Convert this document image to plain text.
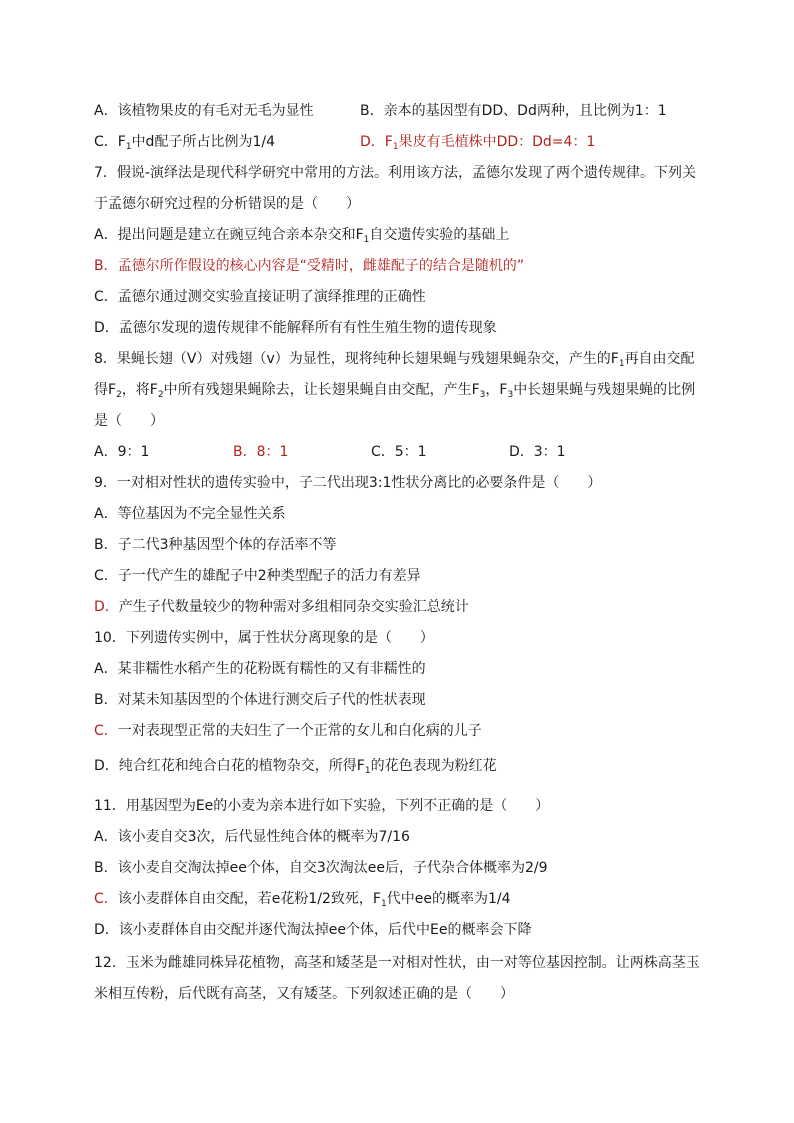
A．该植物果皮的有毛对无毛为显性	B．亲本的基因型有DD、Dd两种，且比例为1：1
C．$F_1$中d配子所占比例为1/4	D．$F_1$果皮有毛植株中DD：Dd=4：1
7．假说-演绎法是现代科学研究中常用的方法。利用该方法，孟德尔发现了两个遗传规律。下列关
于孟德尔研究过程的分析错误的是（　　）
A．提出问题是建立在豌豆纯合亲本杂交和$F_1$自交遗传实验的基础上
B．孟德尔所作假设的核心内容是“受精时，雌雄配子的结合是随机的”
C．孟德尔通过测交实验直接证明了演绎推理的正确性
D．孟德尔发现的遗传规律不能解释所有有性生殖生物的遗传现象
8．果蝇长翅（V）对残翅（v）为显性，现将纯种长翅果蝇与残翅果蝇杂交，产生的$F_1$再自由交配
得$F_2$，将$F_2$中所有残翅果蝇除去，让长翅果蝇自由交配，产生$F_3$，$F_3$中长翅果蝇与残翅果蝇的比例
是（　　）
A．9：1	B．8：1	C．5：1	D．3：1
9．一对相对性状的遗传实验中，子二代出现3:1性状分离比的必要条件是（　　）
A．等位基因为不完全显性关系
B．子二代3种基因型个体的存活率不等
C．子一代产生的雄配子中2种类型配子的活力有差异
D．产生子代数量较少的物种需对多组相同杂交实验汇总统计
10．下列遗传实例中，属于性状分离现象的是（　　）
A．某非糯性水稻产生的花粉既有糯性的又有非糯性的
B．对某未知基因型的个体进行测交后子代的性状表现
C．一对表现型正常的夫妇生了一个正常的女儿和白化病的儿子
D．纯合红花和纯合白花的植物杂交，所得$F_1$的花色表现为粉红花
11．用基因型为Ee的小麦为亲本进行如下实验，下列不正确的是（　　）
A．该小麦自交3次，后代显性纯合体的概率为7/16
B．该小麦自交淘汰掉ee个体，自交3次淘汰ee后，子代杂合体概率为2/9
C．该小麦群体自由交配，若e花粉1/2致死，$F_1$代中ee的概率为1/4
D．该小麦群体自由交配并逐代淘汰掉ee个体，后代中Ee的概率会下降
12．玉米为雌雄同株异花植物，高茎和矮茎是一对相对性状，由一对等位基因控制。让两株高茎玉
米相互传粉，后代既有高茎，又有矮茎。下列叙述正确的是（　　）
